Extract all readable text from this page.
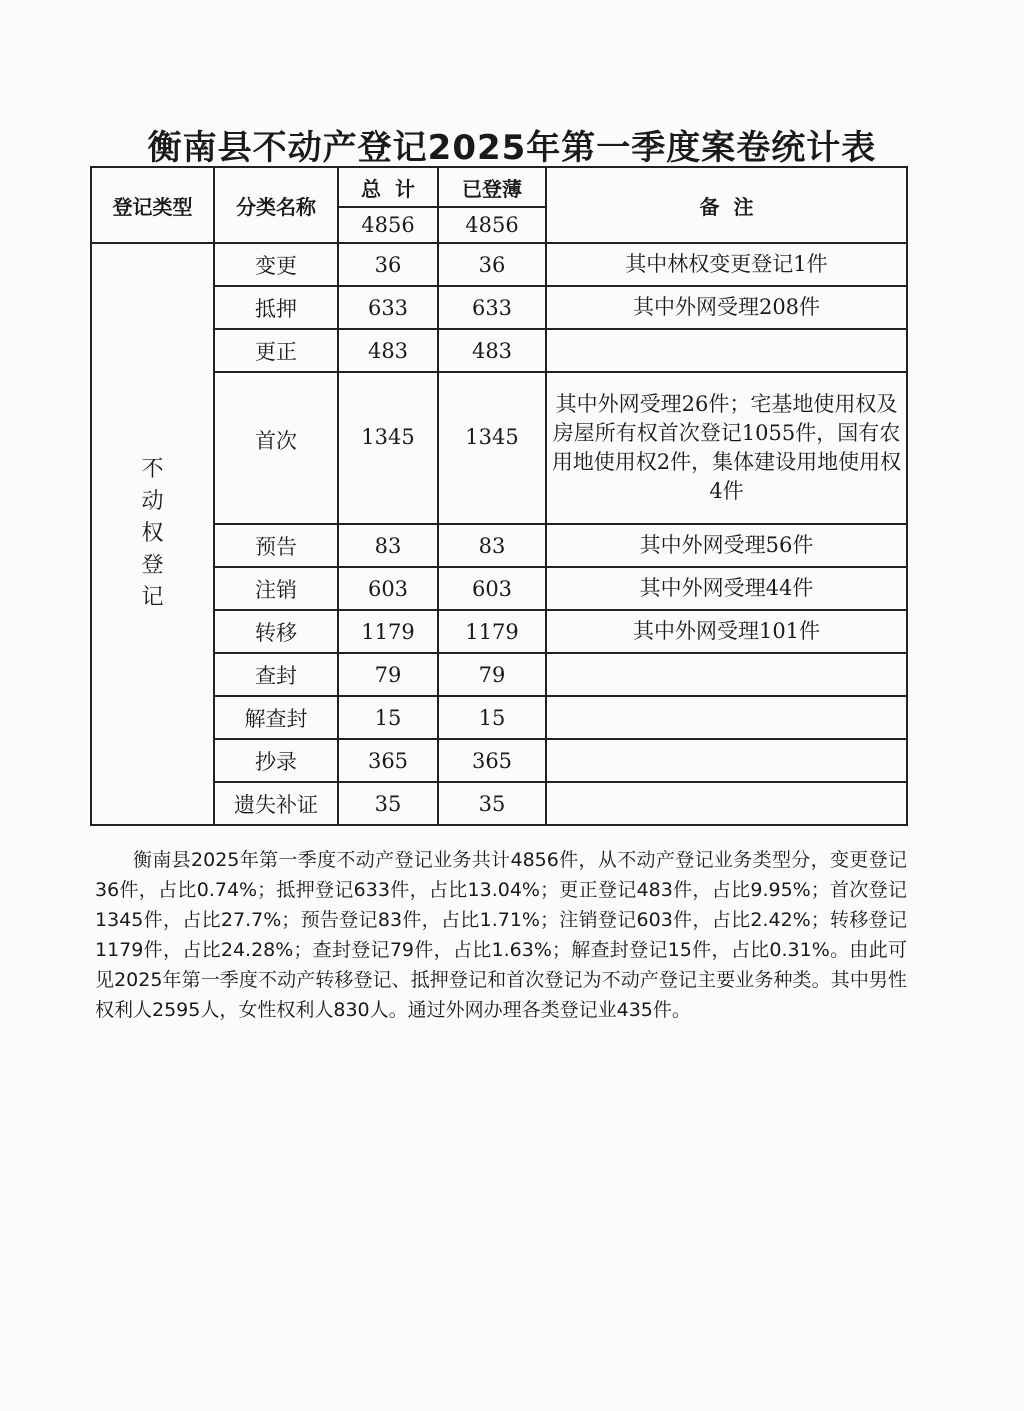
衡南县不动产登记2025年第一季度案卷统计表
登记类型	分类名称	总  计	已登薄	备  注
		4856	4856	

不
动
权
登
记	变更	36	36	其中林权变更登记1件
	抵押	633	633	其中外网受理208件
	更正	483	483	
	首次	1345	1345	其中外网受理26件；宅基地使用权及房屋所有权首次登记1055件，国有农用地使用权2件，集体建设用地使用权4件
	预告	83	83	其中外网受理56件
	注销	603	603	其中外网受理44件
	转移	1179	1179	其中外网受理101件
	查封	79	79	
	解查封	15	15	
	抄录	365	365	
	遗失补证	35	35	

衡南县2025年第一季度不动产登记业务共计4856件，从不动产登记业务类型分，变更登记36件，占比0.74%；抵押登记633件，占比13.04%；更正登记483件，占比9.95%；首次登记1345件，占比27.7%；预告登记83件，占比1.71%；注销登记603件，占比2.42%；转移登记1179件，占比24.28%；查封登记79件，占比1.63%；解查封登记15件，占比0.31%。由此可见2025年第一季度不动产转移登记、抵押登记和首次登记为不动产登记主要业务种类。其中男性权利人2595人，女性权利人830人。通过外网办理各类登记业435件。
